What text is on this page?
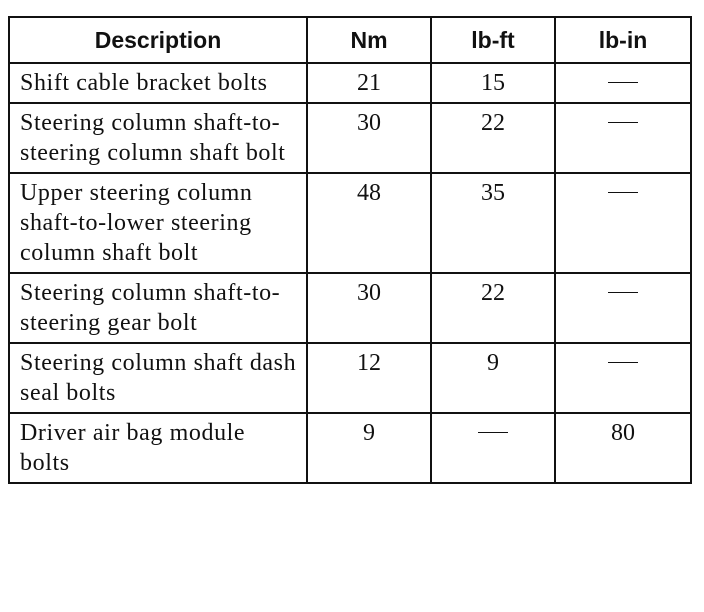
Description	Nm	lb-ft	lb-in
Shift cable bracket bolts	21	15	
Steering column shaft-to-steering column shaft bolt	30	22	
Upper steering column shaft-to-lower steering column shaft bolt	48	35	
Steering column shaft-to-steering gear bolt	30	22	
Steering column shaft dash seal bolts	12	9	
Driver air bag module bolts	9		80
